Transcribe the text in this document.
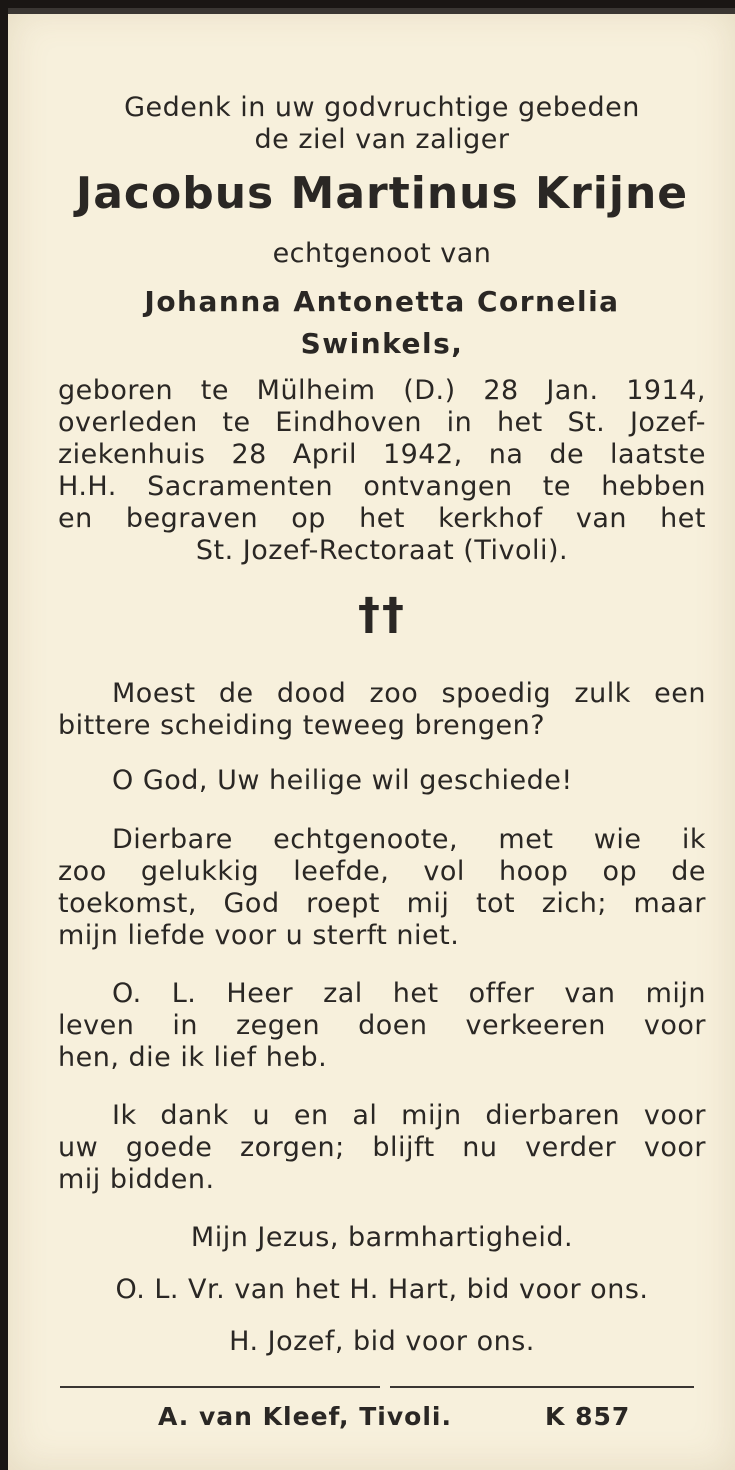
Gedenk in uw godvruchtige gebeden
de ziel van zaliger
Jacobus Martinus Krijne
echtgenoot van
Johanna Antonetta Cornelia
Swinkels,
geboren te Mülheim (D.) 28 Jan. 1914,
overleden te Eindhoven in het St. Jozef-
ziekenhuis 28 April 1942, na de laatste
H.H. Sacramenten ontvangen te hebben
en begraven op het kerkhof van het
St. Jozef-Rectoraat (Tivoli).
††
Moest de dood zoo spoedig zulk een
bittere scheiding teweeg brengen?
O God, Uw heilige wil geschiede!
Dierbare echtgenoote, met wie ik
zoo gelukkig leefde, vol hoop op de
toekomst, God roept mij tot zich; maar
mijn liefde voor u sterft niet.
O. L. Heer zal het offer van mijn
leven in zegen doen verkeeren voor
hen, die ik lief heb.
Ik dank u en al mijn dierbaren voor
uw goede zorgen; blijft nu verder voor
mij bidden.
Mijn Jezus, barmhartigheid.
O. L. Vr. van het H. Hart, bid voor ons.
H. Jozef, bid voor ons.
A. van Kleef, Tivoli.	K 857
